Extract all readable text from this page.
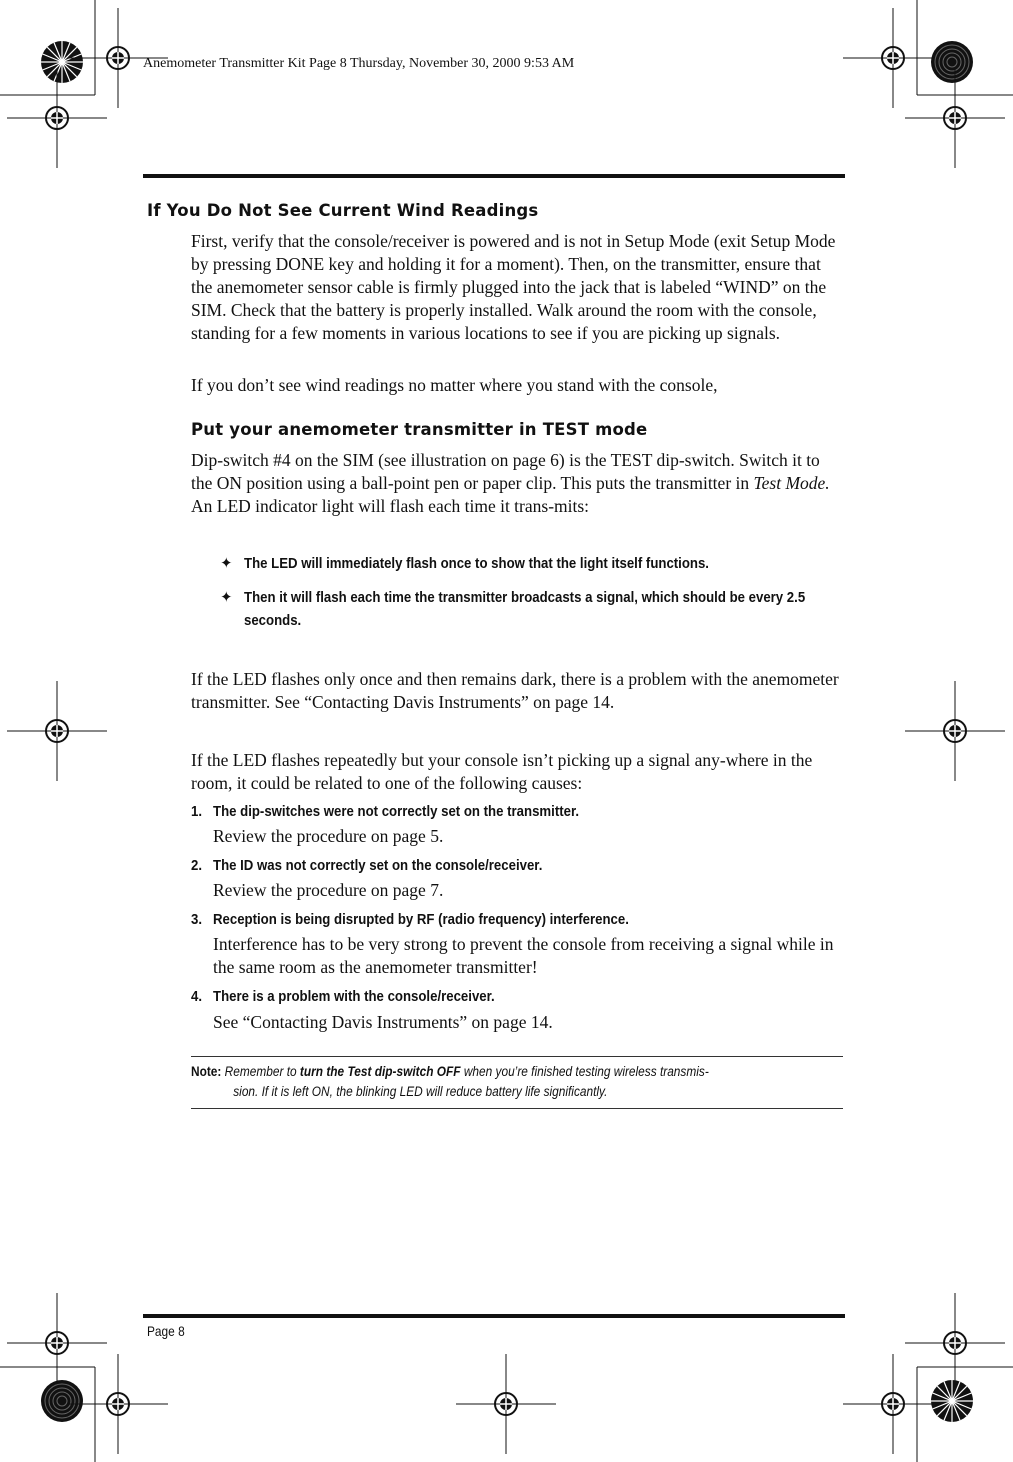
Anemometer Transmitter Kit Page 8 Thursday, November 30, 2000 9:53 AM
If You Do Not See Current Wind Readings
First, verify that the console/receiver is powered and is not in Setup Mode (exit Setup Mode by pressing DONE key and holding it for a moment). Then, on the transmitter, ensure that the anemometer sensor cable is firmly plugged into the jack that is labeled “WIND” on the SIM. Check that the battery is properly installed. Walk around the room with the console, standing for a few moments in various locations to see if you are picking up signals.
If you don’t see wind readings no matter where you stand with the console,
Put your anemometer transmitter in TEST mode
Dip-switch #4 on the SIM (see illustration on page 6) is the TEST dip-switch. Switch it to the ON position using a ball-point pen or paper clip. This puts the transmitter in Test Mode. An LED indicator light will flash each time it trans-mits:
✦ The LED will immediately flash once to show that the light itself functions.
✦ Then it will flash each time the transmitter broadcasts a signal, which should be every 2.5 seconds.
If the LED flashes only once and then remains dark, there is a problem with the anemometer transmitter. See “Contacting Davis Instruments” on page 14.
If the LED flashes repeatedly but your console isn’t picking up a signal any-where in the room, it could be related to one of the following causes:
1. The dip-switches were not correctly set on the transmitter.
Review the procedure on page 5.
2. The ID was not correctly set on the console/receiver.
Review the procedure on page 7.
3. Reception is being disrupted by RF (radio frequency) interference.
Interference has to be very strong to prevent the console from receiving a signal while in the same room as the anemometer transmitter!
4. There is a problem with the console/receiver.
See “Contacting Davis Instruments” on page 14.
Note: Remember to turn the Test dip-switch OFF when you’re finished testing wireless transmis-
sion. If it is left ON, the blinking LED will reduce battery life significantly.
Page 8
